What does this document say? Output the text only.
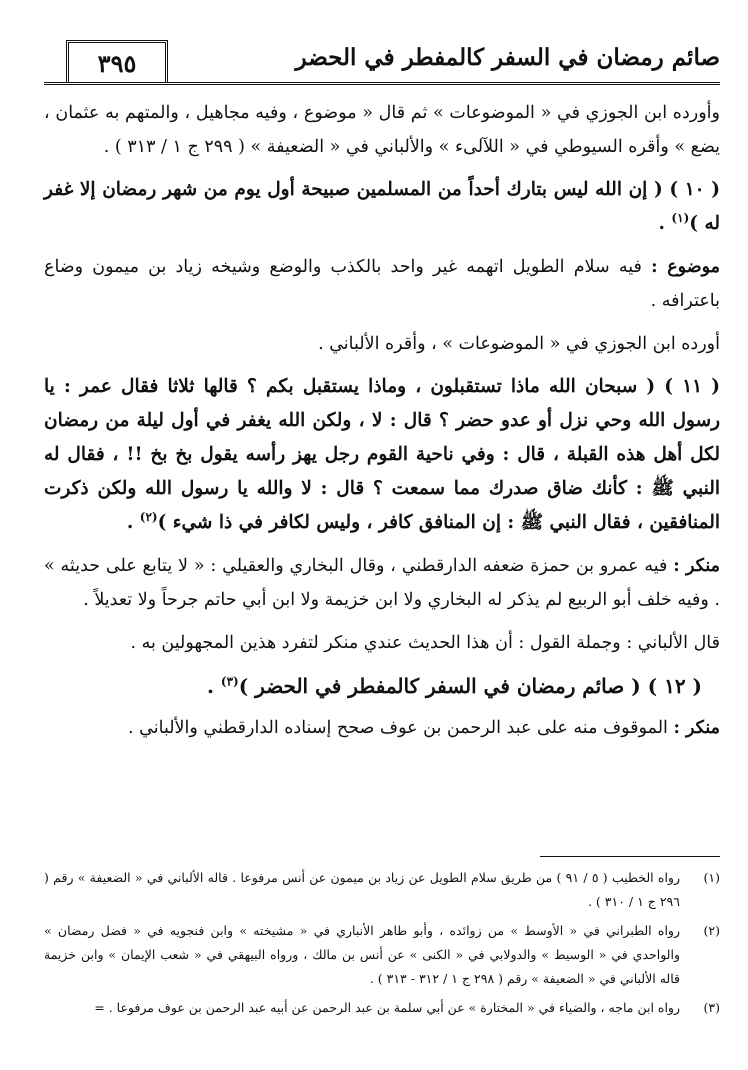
٣٩٥	صائم رمضان في السفر كالمفطر في الحضر

وأورده ابن الجوزي في « الموضوعات » ثم قال « موضوع ، وفيه مجاهيل ، والمتهم به عثمان ، يضع » وأقره السيوطي في « اللآلىء » والألباني في « الضعيفة » ( ٢٩٩ ج ١ / ٣١٣ ) .

( ١٠ ) ( إن الله ليس بتارك أحداً من المسلمين صبيحة أول يوم من شهر رمضان إلا غفر له )$^{(١)}$ .

موضوع : فيه سلام الطويل اتهمه غير واحد بالكذب والوضع وشيخه زياد بن ميمون وضاع باعترافه .

أورده ابن الجوزي في « الموضوعات » ، وأقره الألباني .

( ١١ ) ( سبحان الله ماذا تستقبلون ، وماذا يستقبل بكم ؟ قالها ثلاثا فقال عمر : يا رسول الله وحي نزل أو عدو حضر ؟ قال : لا ، ولكن الله يغفر في أول ليلة من رمضان لكل أهل هذه القبلة ، قال : وفي ناحية القوم رجل يهز رأسه يقول بخ بخ !! ، فقال له النبي ﷺ : كأنك ضاق صدرك مما سمعت ؟ قال : لا والله يا رسول الله ولكن ذكرت المنافقين ، فقال النبي ﷺ : إن المنافق كافر ، وليس لكافر في ذا شيء )$^{(٢)}$ .

منكر : فيه عمرو بن حمزة ضعفه الدارقطني ، وقال البخاري والعقيلي : « لا يتابع على حديثه » . وفيه خلف أبو الربيع لم يذكر له البخاري ولا ابن خزيمة ولا ابن أبي حاتم جرحاً ولا تعديلاً .

قال الألباني : وجملة القول : أن هذا الحديث عندي منكر لتفرد هذين المجهولين به .

( ١٢ ) ( صائم رمضان في السفر كالمفطر في الحضر )$^{(٣)}$ .

منكر : الموقوف منه على عبد الرحمن بن عوف صحح إسناده الدارقطني والألباني .

(١)
رواه الخطيب ( ٥ / ٩١ ) من طريق سلام الطويل عن زياد بن ميمون عن أنس مرفوعا . قاله الألباني في « الضعيفة » رقم ( ٢٩٦ ج ١ / ٣١٠ ) .
(٢)
رواه الطبراني في « الأوسط » من زوائده ، وأبو طاهر الأنباري في « مشيخته » وابن فنجويه في « فضل رمضان » والواحدي في « الوسيط » والدولابي في « الكنى » عن أنس بن مالك ، ورواه البيهقي في « شعب الإيمان » وابن خزيمة قاله الألباني في « الضعيفة » رقم ( ٢٩٨ ج ١ / ٣١٢ - ٣١٣ ) .
(٣)
رواه ابن ماجه ، والضياء في « المختارة » عن أبي سلمة بن عبد الرحمن عن أبيه عبد الرحمن بن عوف مرفوعا . =
